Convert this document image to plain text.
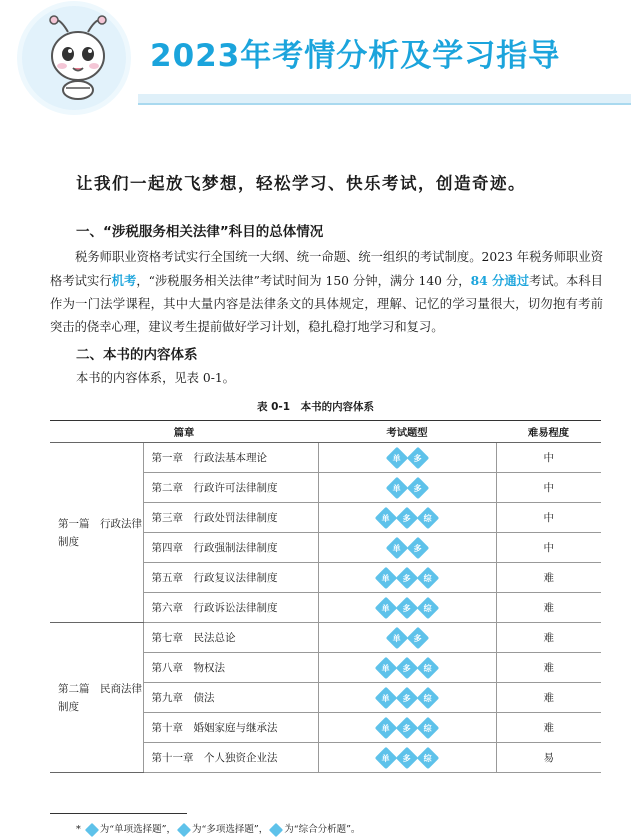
2023年考情分析及学习指导
让我们一起放飞梦想，轻松学习、快乐考试，创造奇迹。
一、“涉税服务相关法律”科目的总体情况
税务师职业资格考试实行全国统一大纲、统一命题、统一组织的考试制度。2023 年税务师职业资格考试实行机考，“涉税服务相关法律”考试时间为 150 分钟，满分 140 分，84 分通过考试。本科目作为一门法学课程，其中大量内容是法律条文的具体规定，理解、记忆的学习量很大，切勿抱有考前突击的侥幸心理，建议考生提前做好学习计划，稳扎稳打地学习和复习。
二、本书的内容体系
本书的内容体系，见表 0-1。
表 0-1　本书的内容体系
篇章		考试题型	难易程度
第一篇　行政法律制度	第一章　行政法基本理论	单 多	中
	第二章　行政许可法律制度	单 多	中
	第三章　行政处罚法律制度	单 多 综	中
	第四章　行政强制法律制度	单 多	中
	第五章　行政复议法律制度	单 多 综	难
	第六章　行政诉讼法律制度	单 多 综	难
第二篇　民商法律制度	第七章　民法总论	单 多	难
	第八章　物权法	单 多 综	难
	第九章　债法	单 多 综	难
	第十章　婚姻家庭与继承法	单 多 综	难
	第十一章　个人独资企业法	单 多 综	易
* 为“单项选择题”， 为“多项选择题”， 为“综合分析题”。
